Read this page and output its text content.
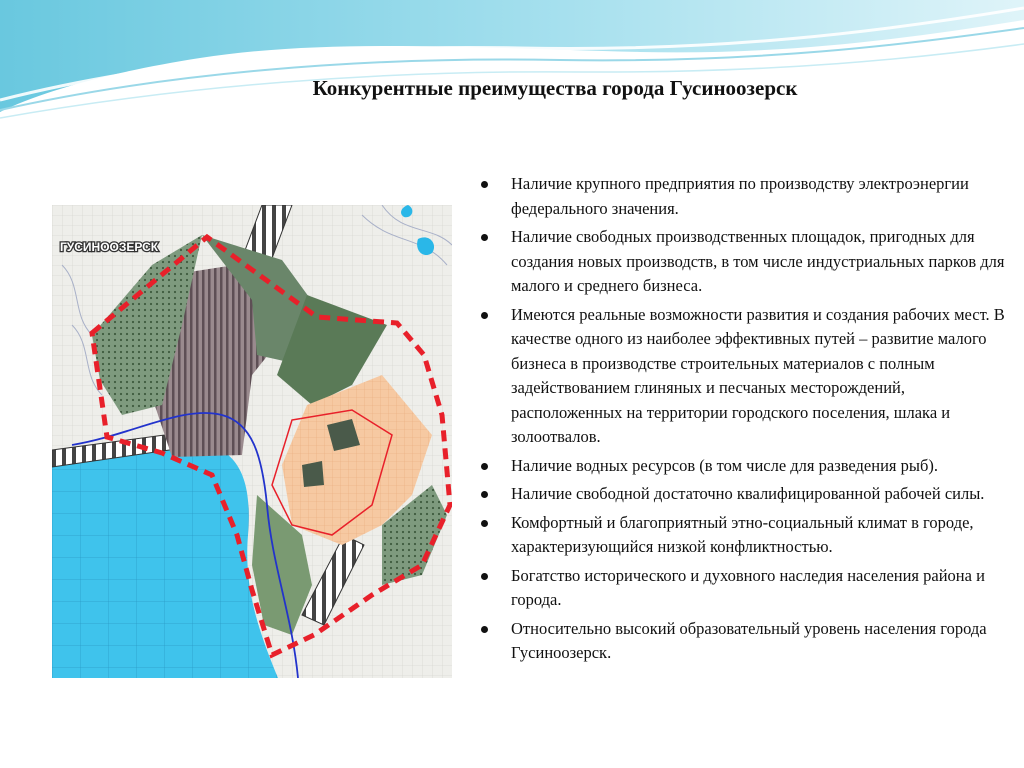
Конкурентные преимущества города Гусиноозерск
ГУСИНООЗЕРСК
Наличие крупного предприятия по производству электроэнергии федерального значения.
Наличие свободных производственных площадок, пригодных для создания новых производств, в том числе индустриальных парков для малого и среднего бизнеса.
Имеются реальные возможности развития и создания рабочих мест. В качестве одного из наиболее эффективных путей – развитие малого бизнеса в производстве строительных материалов с полным задействованием глиняных и песчаных месторождений, расположенных на территории городского поселения, шлака и золоотвалов.
Наличие водных ресурсов (в том числе для разведения рыб).
Наличие свободной достаточно квалифицированной рабочей силы.
Комфортный и благоприятный этно-социальный климат в городе, характеризующийся низкой конфликтностью.
Богатство исторического и духовного наследия населения района и города.
Относительно высокий образовательный уровень населения города Гусиноозерск.
